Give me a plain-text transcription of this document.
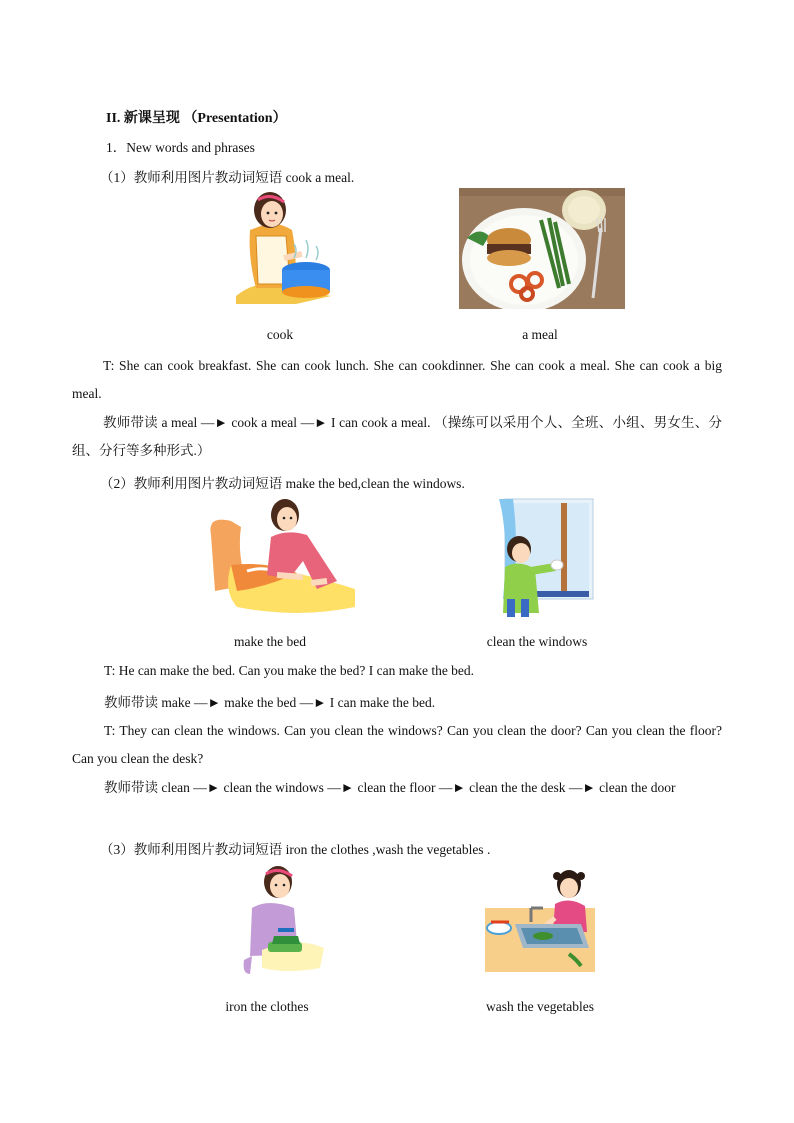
II. 新课呈现 （Presentation）
1．New words and phrases
（1）教师利用图片教动词短语 cook a meal.
cook	a meal
T: She can cook breakfast. She can cook lunch. She can cookdinner. She can cook a meal. She can cook a big meal.
教师带读 a meal —► cook a meal —► I can cook a meal. （操练可以采用个人、全班、小组、男女生、分组、分行等多种形式.）
（2）教师利用图片教动词短语 make the bed,clean the windows.
make the bed	clean the windows
T: He can make the bed. Can you make the bed? I can make the bed.
教师带读 make —► make the bed —► I can make the bed.
T: They can clean the windows. Can you clean the windows? Can you clean the door? Can you clean the floor? Can you clean the desk?
教师带读 clean —► clean the windows —► clean the floor —► clean the the desk —► clean the door
（3）教师利用图片教动词短语 iron the clothes ,wash the vegetables .
iron the clothes	wash the vegetables
